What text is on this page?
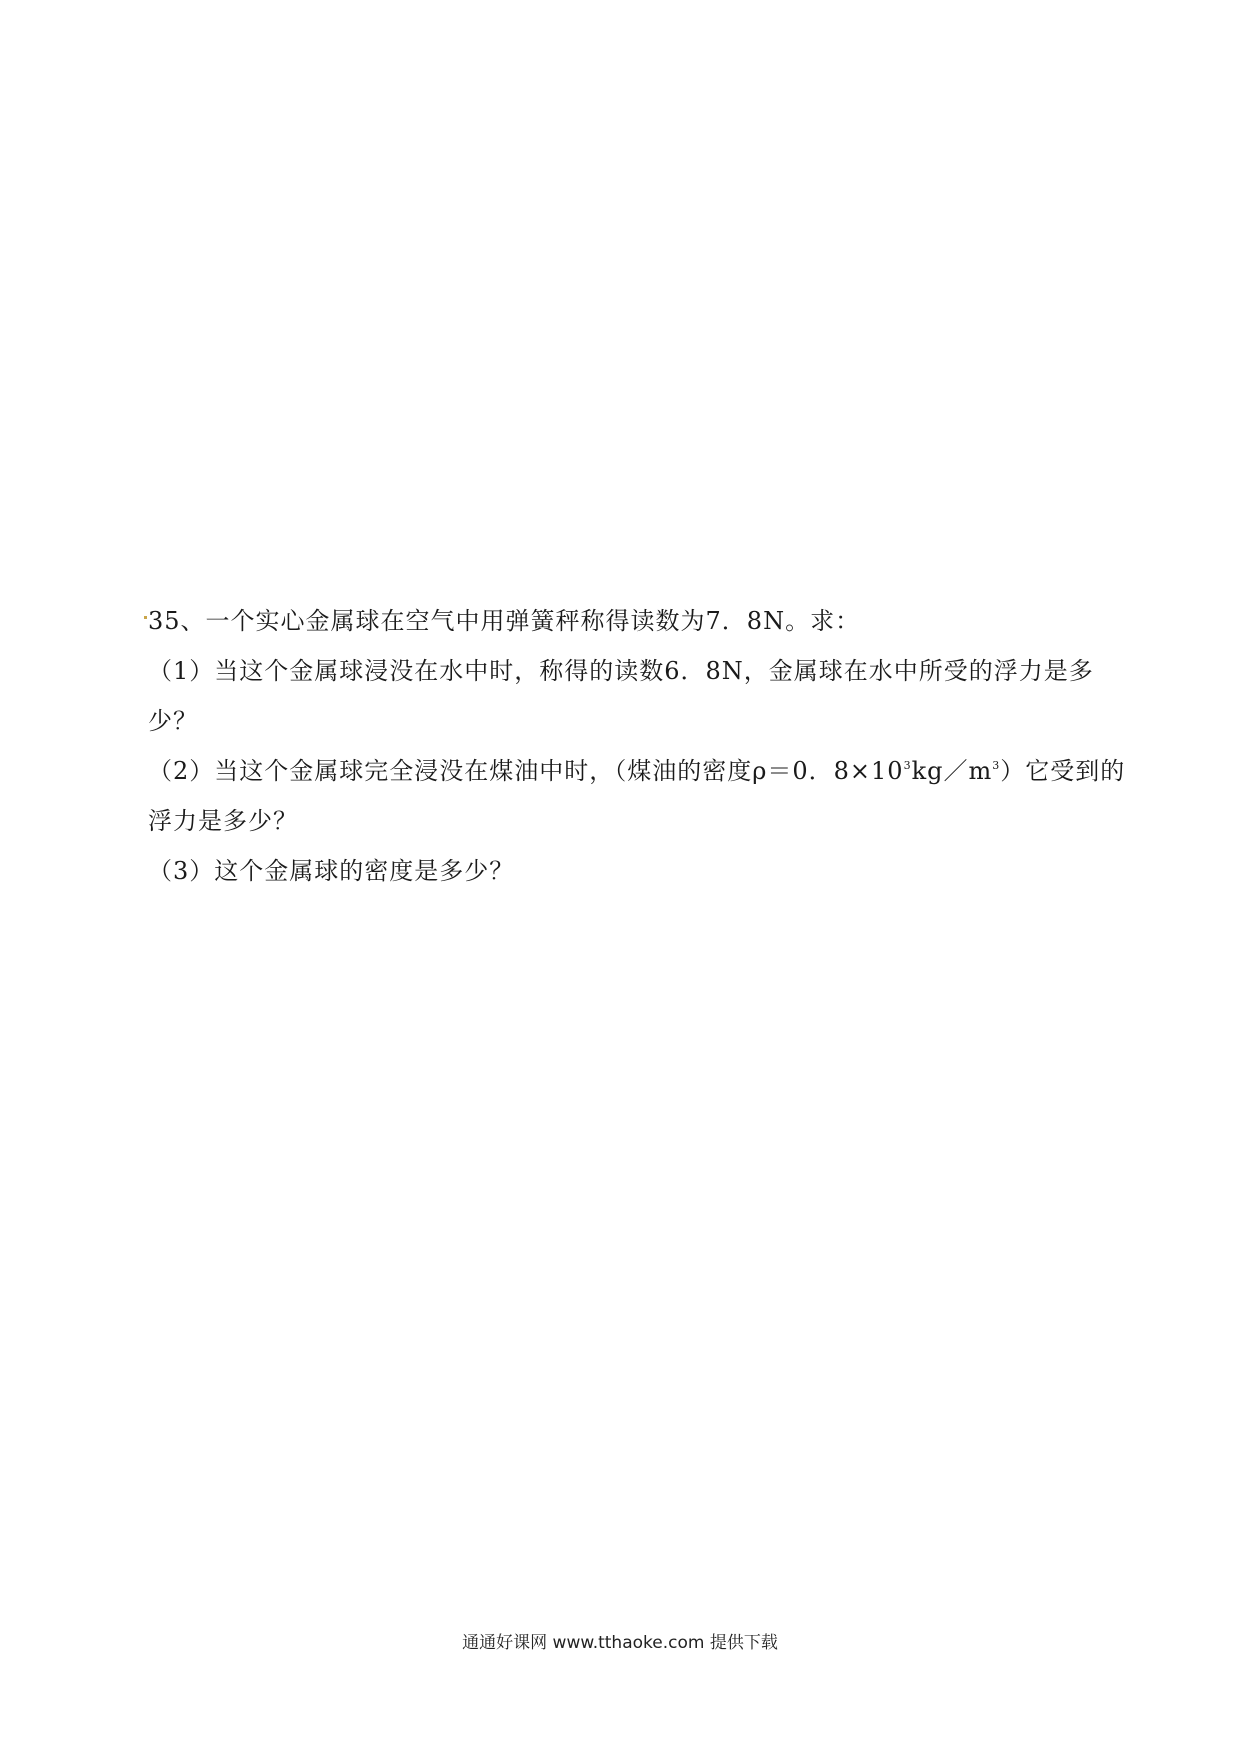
35、一个实心金属球在空气中用弹簧秤称得读数为7．8N。求：
（1）当这个金属球浸没在水中时，称得的读数6．8N，金属球在水中所受的浮力是多
少？
（2）当这个金属球完全浸没在煤油中时，（煤油的密度ρ＝0．$8\times 10^3kg/m^3$）它受到的
浮力是多少？
（3）这个金属球的密度是多少？
通通好课网 www.tthaoke.com 提供下载
